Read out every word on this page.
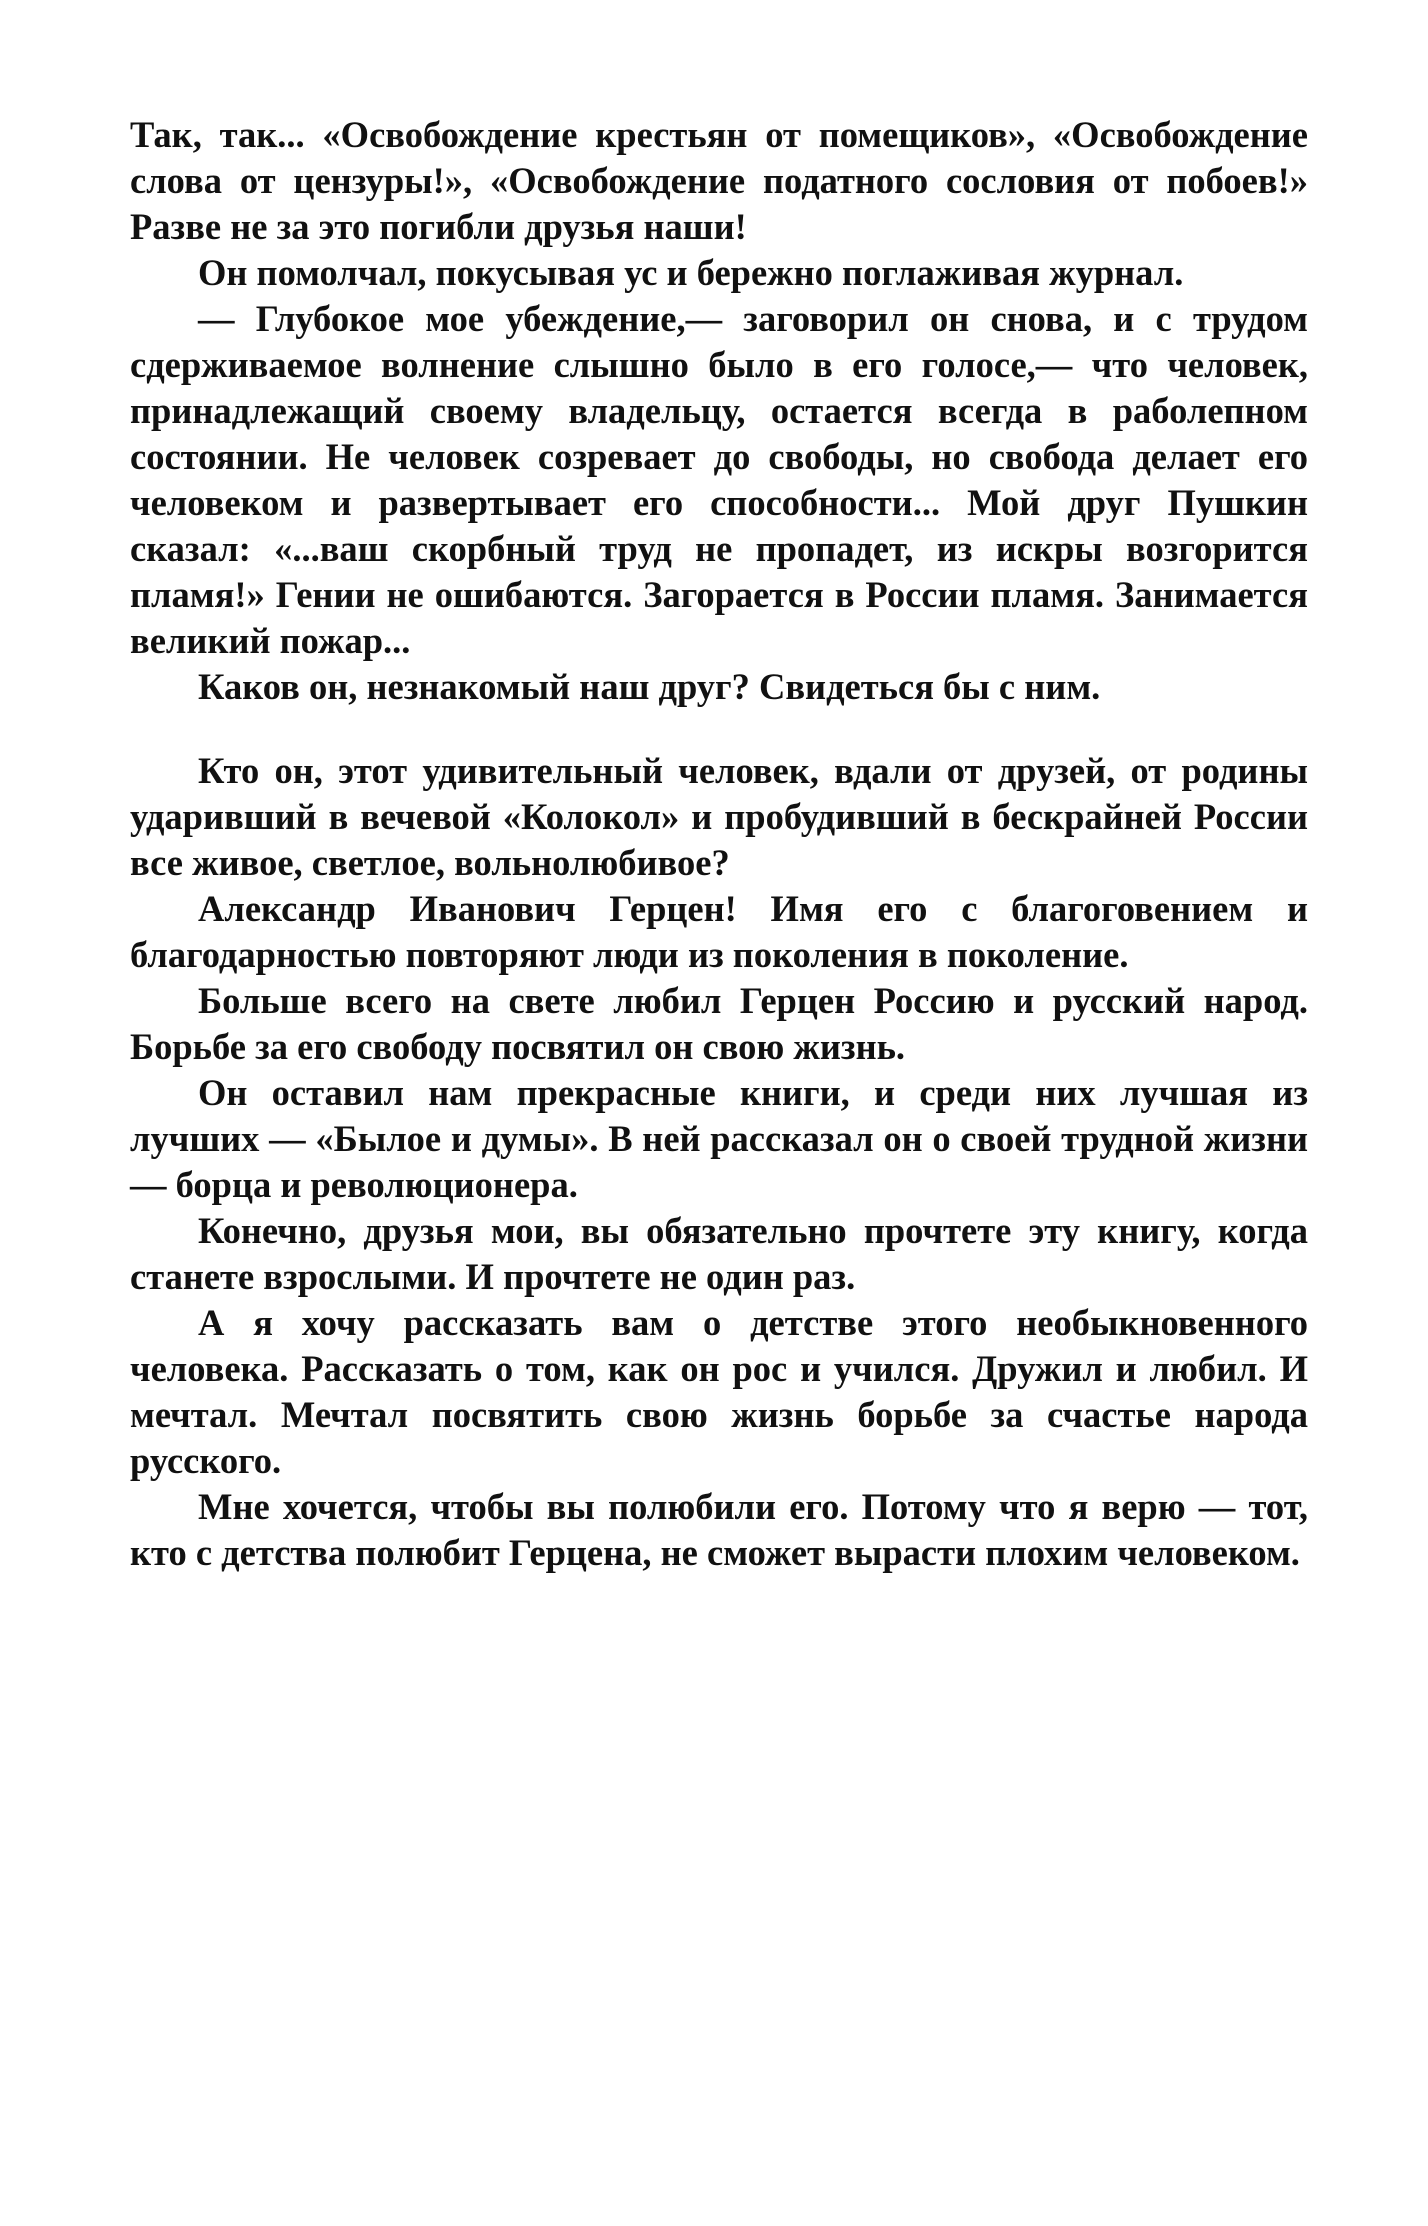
Так, так... «Освобождение крестьян от помещиков», «Освобождение слова от цензуры!», «Освобождение податного сословия от побоев!» Разве не за это погибли друзья наши!

Он помолчал, покусывая ус и бережно поглаживая журнал.

— Глубокое мое убеждение,— заговорил он снова, и с трудом сдерживаемое волнение слышно было в его голосе,— что человек, принадлежащий своему владельцу, остается всегда в раболепном состоянии. Не человек созревает до свободы, но свобода делает его человеком и развертывает его способности... Мой друг Пушкин сказал: «...ваш скорбный труд не пропадет, из искры возгорится пламя!» Гении не ошибаются. Загорается в России пламя. Занимается великий пожар...

Каков он, незнакомый наш друг? Свидеться бы с ним.

Кто он, этот удивительный человек, вдали от друзей, от родины ударивший в вечевой «Колокол» и пробудивший в бескрайней России все живое, светлое, вольнолюбивое?

Александр Иванович Герцен! Имя его с благоговением и благодарностью повторяют люди из поколения в поколение.

Больше всего на свете любил Герцен Россию и русский народ. Борьбе за его свободу посвятил он свою жизнь.

Он оставил нам прекрасные книги, и среди них лучшая из лучших — «Былое и думы». В ней рассказал он о своей трудной жизни — борца и революционера.

Конечно, друзья мои, вы обязательно прочтете эту книгу, когда станете взрослыми. И прочтете не один раз.

А я хочу рассказать вам о детстве этого необыкновенного человека. Рассказать о том, как он рос и учился. Дружил и любил. И мечтал. Мечтал посвятить свою жизнь борьбе за счастье народа русского.

Мне хочется, чтобы вы полюбили его. Потому что я верю — тот, кто с детства полюбит Герцена, не сможет вырасти плохим человеком.
